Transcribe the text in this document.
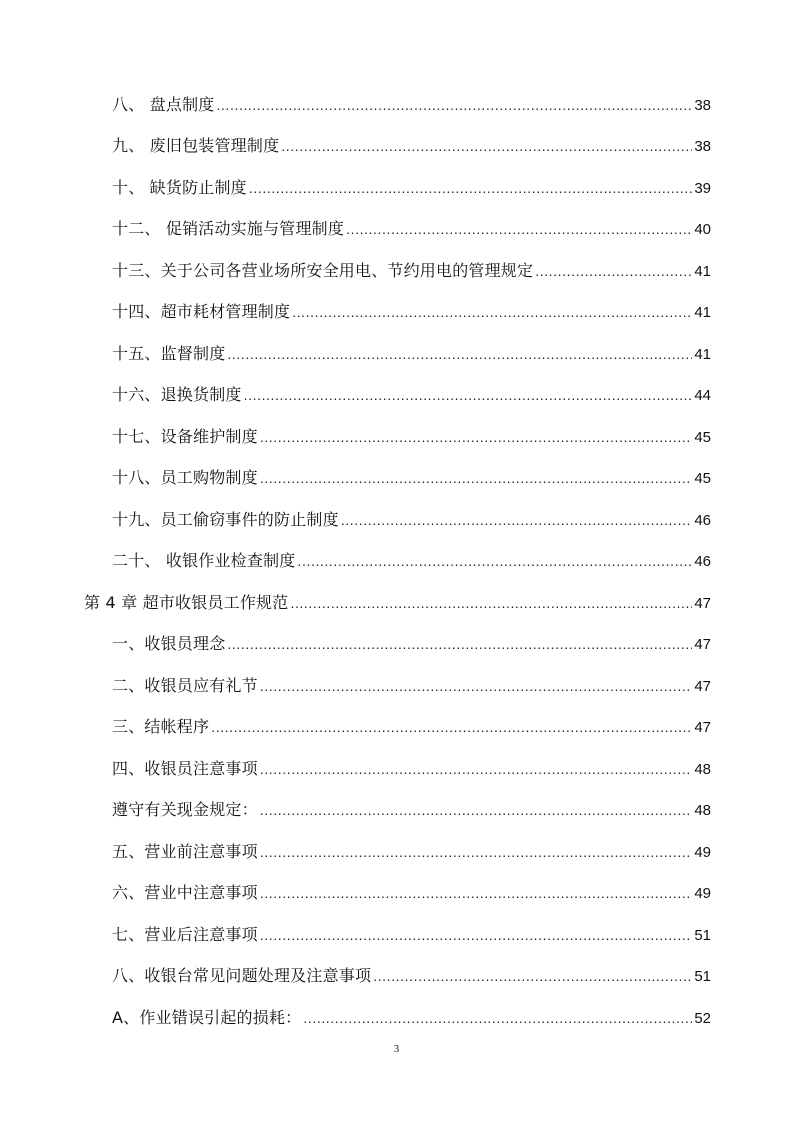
八、 盘点制度 .....	38
九、 废旧包装管理制度 .....	38
十、 缺货防止制度 .....	39
十二、 促销活动实施与管理制度 .....	40
十三、关于公司各营业场所安全用电、节约用电的管理规定 .....	41
十四、超市耗材管理制度 .....	41
十五、监督制度 .....	41
十六、退换货制度 .....	44
十七、设备维护制度 .....	45
十八、员工购物制度 .....	45
十九、员工偷窃事件的防止制度 .....	46
二十、 收银作业检查制度 .....	46
第 4 章 超市收银员工作规范 .....	47
一、收银员理念 .....	47
二、收银员应有礼节 .....	47
三、结帐程序 .....	47
四、收银员注意事项 .....	48
遵守有关现金规定： .....	48
五、营业前注意事项 .....	49
六、营业中注意事项 .....	49
七、营业后注意事项 .....	51
八、收银台常见问题处理及注意事项 .....	51
A、作业错误引起的损耗： .....	52
3
